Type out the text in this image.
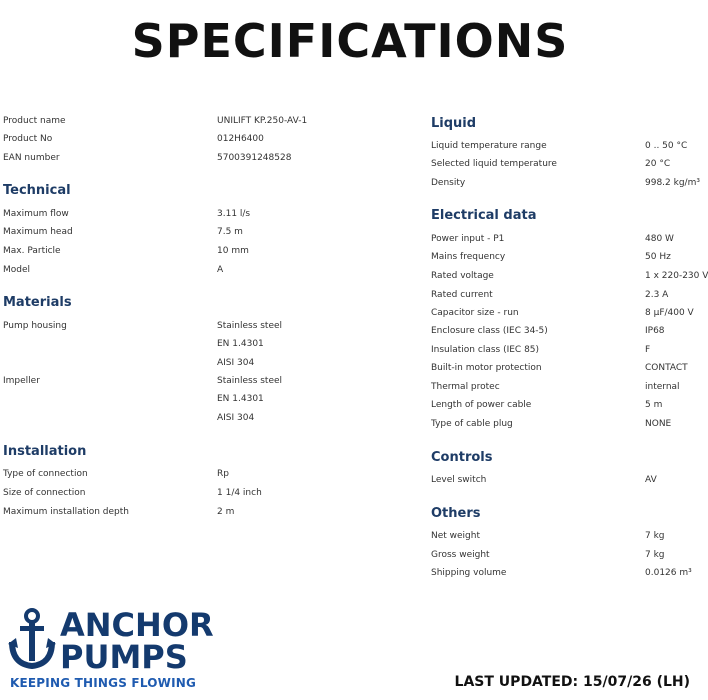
SPECIFICATIONS
Product name	UNILIFT KP.250-AV-1
Product No	012H6400
EAN number	5700391248528
Technical
Maximum flow	3.11 l/s
Maximum head	7.5 m
Max. Particle	10 mm
Model	A
Materials
Pump housing	Stainless steel
EN 1.4301
AISI 304
Impeller	Stainless steel
EN 1.4301
AISI 304
Installation
Type of connection	Rp
Size of connection	1 1/4 inch
Maximum installation depth	2 m
Liquid
Liquid temperature range	0 .. 50 °C
Selected liquid temperature	20 °C
Density	998.2 kg/m³
Electrical data
Power input - P1	480 W
Mains frequency	50 Hz
Rated voltage	1 x 220-230 V
Rated current	2.3 A
Capacitor size - run	8 µF/400 V
Enclosure class (IEC 34-5)	IP68
Insulation class (IEC 85)	F
Built-in motor protection	CONTACT
Thermal protec	internal
Length of power cable	5 m
Type of cable plug	NONE
Controls
Level switch	AV
Others
Net weight	7 kg
Gross weight	7 kg
Shipping volume	0.0126 m³
ANCHOR
PUMPS
KEEPING THINGS FLOWING	LAST UPDATED: 15/07/26 (LH)
